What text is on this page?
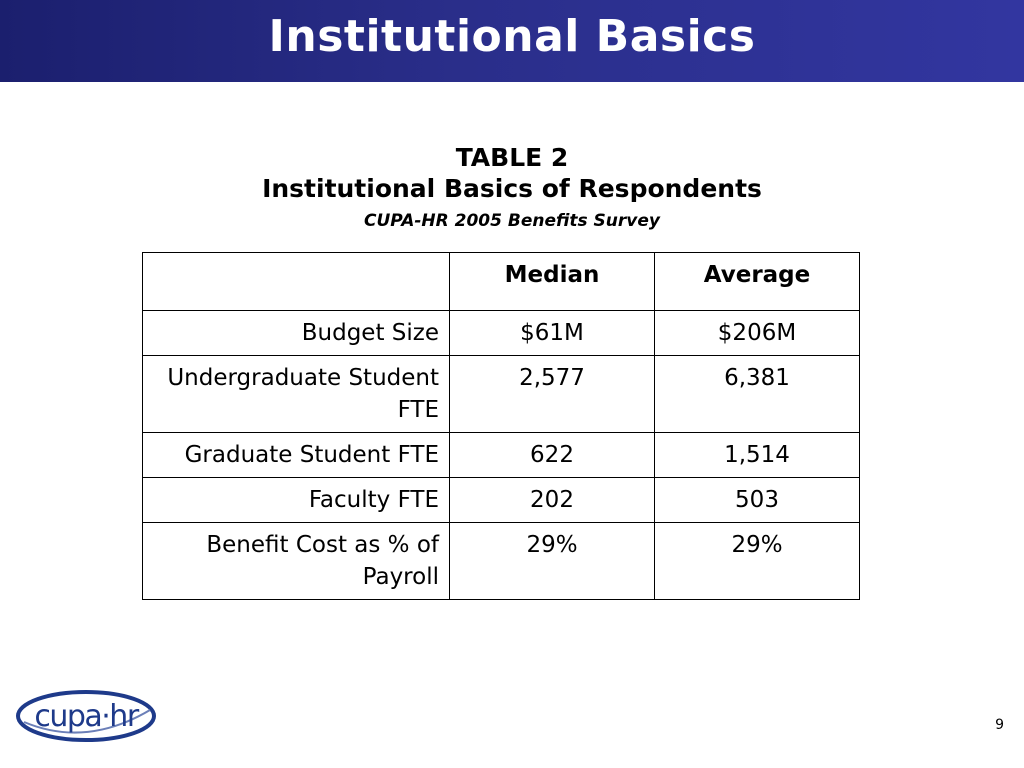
Institutional Basics
TABLE 2
Institutional Basics of Respondents
CUPA-HR 2005 Benefits Survey
	Median	Average
Budget Size	$61M	$206M
Undergraduate Student FTE	2,577	6,381
Graduate Student FTE	622	1,514
Faculty FTE	202	503
Benefit Cost as % of Payroll	29%	29%
cupa·hr	9
